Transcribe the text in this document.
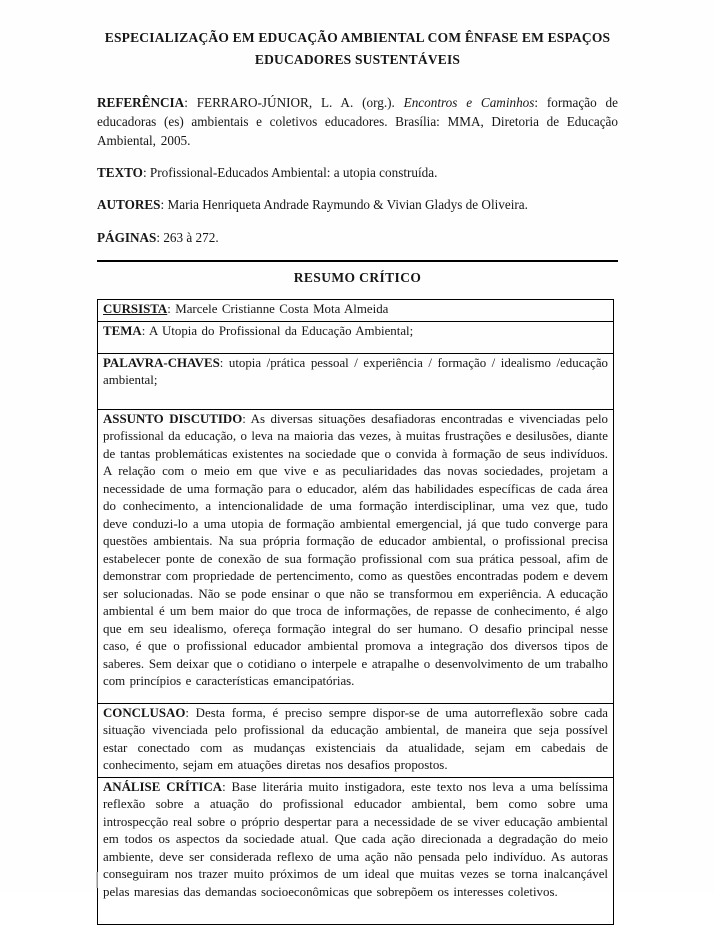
ESPECIALIZAÇÃO EM EDUCAÇÃO AMBIENTAL COM ÊNFASE EM ESPAÇOS
EDUCADORES SUSTENTÁVEIS

REFERÊNCIA: FERRARO-JÚNIOR, L. A. (org.). Encontros e Caminhos: formação de educadoras (es) ambientais e coletivos educadores. Brasília: MMA, Diretoria de Educação Ambiental, 2005.

TEXTO: Profissional-Educados Ambiental: a utopia construída.

AUTORES: Maria Henriqueta Andrade Raymundo & Vivian Gladys de Oliveira.

PÁGINAS: 263 à 272.

RESUMO CRÍTICO
CURSISTA: Marcele Cristianne Costa Mota Almeida
TEMA: A Utopia do Profissional da Educação Ambiental;
PALAVRA-CHAVES: utopia /prática pessoal / experiência / formação / idealismo /educação ambiental;
ASSUNTO DISCUTIDO: As diversas situações desafiadoras encontradas e vivenciadas pelo profissional da educação, o leva na maioria das vezes, à muitas frustrações e desilusões, diante de tantas problemáticas existentes na sociedade que o convida à formação de seus indivíduos. A relação com o meio em que vive e as peculiaridades das novas sociedades, projetam a necessidade de uma formação para o educador, além das habilidades específicas de cada área do conhecimento, a intencionalidade de uma formação interdisciplinar, uma vez que, tudo deve conduzi-lo a uma utopia de formação ambiental emergencial, já que tudo converge para questões ambientais. Na sua própria formação de educador ambiental, o profissional precisa estabelecer ponte de conexão de sua formação profissional com sua prática pessoal, afim de demonstrar com propriedade de pertencimento, como as questões encontradas podem e devem ser solucionadas. Não se pode ensinar o que não se transformou em experiência. A educação ambiental é um bem maior do que troca de informações, de repasse de conhecimento, é algo que em seu idealismo, ofereça formação integral do ser humano. O desafio principal nesse caso, é que o profissional educador ambiental promova a integração dos diversos tipos de saberes. Sem deixar que o cotidiano o interpele e atrapalhe o desenvolvimento de um trabalho com princípios e características emancipatórias.
CONCLUSAO: Desta forma, é preciso sempre dispor-se de uma autorreflexão sobre cada situação vivenciada pelo profissional da educação ambiental, de maneira que seja possível estar conectado com as mudanças existenciais da atualidade, sejam em cabedais de conhecimento, sejam em atuações diretas nos desafios propostos.
ANÁLISE CRÍTICA: Base literária muito instigadora, este texto nos leva a uma belíssima reflexão sobre a atuação do profissional educador ambiental, bem como sobre uma introspecção real sobre o próprio despertar para a necessidade de se viver educação ambiental em todos os aspectos da sociedade atual. Que cada ação direcionada a degradação do meio ambiente, deve ser considerada reflexo de uma ação não pensada pelo indivíduo. As autoras conseguiram nos trazer muito próximos de um ideal que muitas vezes se torna inalcançável pelas maresias das demandas socioeconômicas que sobrepõem os interesses coletivos.
